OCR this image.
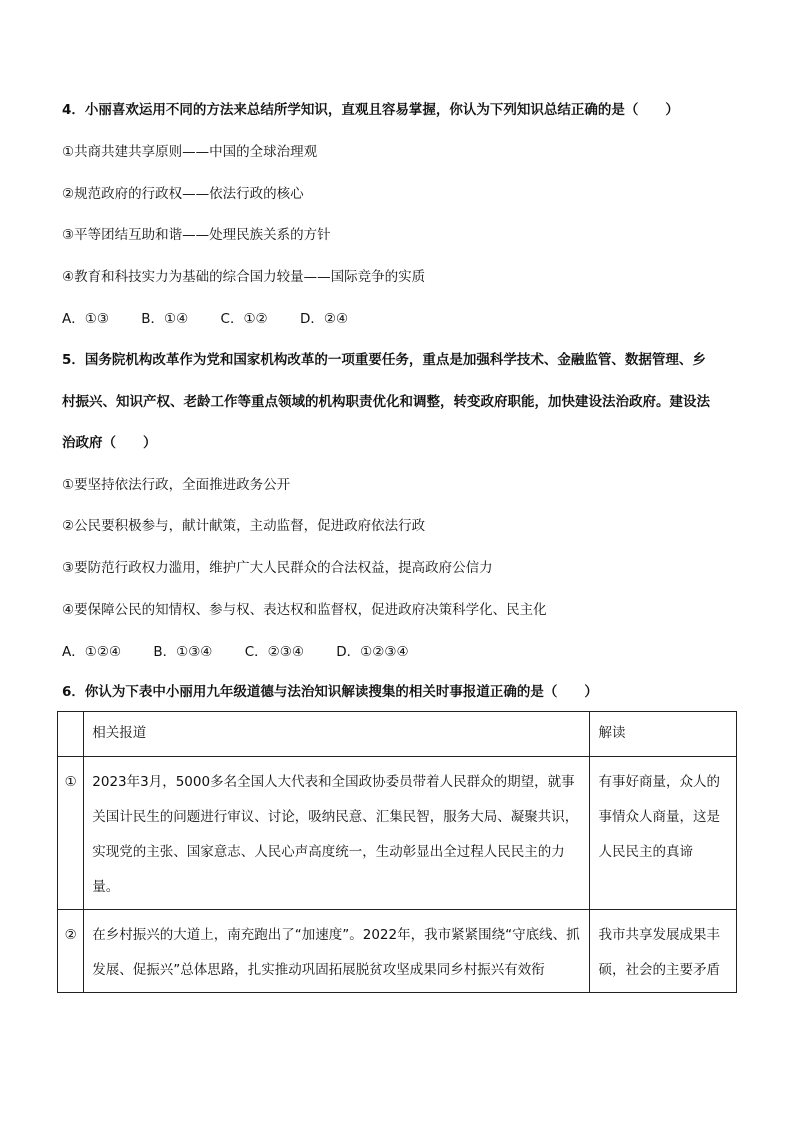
4．小丽喜欢运用不同的方法来总结所学知识，直观且容易掌握，你认为下列知识总结正确的是（　　）
①共商共建共享原则——中国的全球治理观
②规范政府的行政权——依法行政的核心
③平等团结互助和谐——处理民族关系的方针
④教育和科技实力为基础的综合国力较量——国际竞争的实质
A．①③ B．①④ C．①② D．②④
5．国务院机构改革作为党和国家机构改革的一项重要任务，重点是加强科学技术、金融监管、数据管理、乡
村振兴、知识产权、老龄工作等重点领域的机构职责优化和调整，转变政府职能，加快建设法治政府。建设法
治政府（　　）
①要坚持依法行政，全面推进政务公开
②公民要积极参与，献计献策，主动监督，促进政府依法行政
③要防范行政权力滥用，维护广大人民群众的合法权益，提高政府公信力
④要保障公民的知情权、参与权、表达权和监督权，促进政府决策科学化、民主化
A．①②④ B．①③④ C．②③④ D．①②③④
6．你认为下表中小丽用九年级道德与法治知识解读搜集的相关时事报道正确的是（　　）
	相关报道	解读
①	2023年3月，5000多名全国人大代表和全国政协委员带着人民群众的期望，就事关国计民生的问题进行审议、讨论，吸纳民意、汇集民智，服务大局、凝聚共识，实现党的主张、国家意志、人民心声高度统一，生动彰显出全过程人民民主的力量。	有事好商量，众人的事情众人商量，这是人民民主的真谛
②	在乡村振兴的大道上，南充跑出了“加速度”。2022年，我市紧紧围绕“守底线、抓发展、促振兴”总体思路，扎实推动巩固拓展脱贫攻坚成果同乡村振兴有效衔	我市共享发展成果丰硕，社会的主要矛盾
